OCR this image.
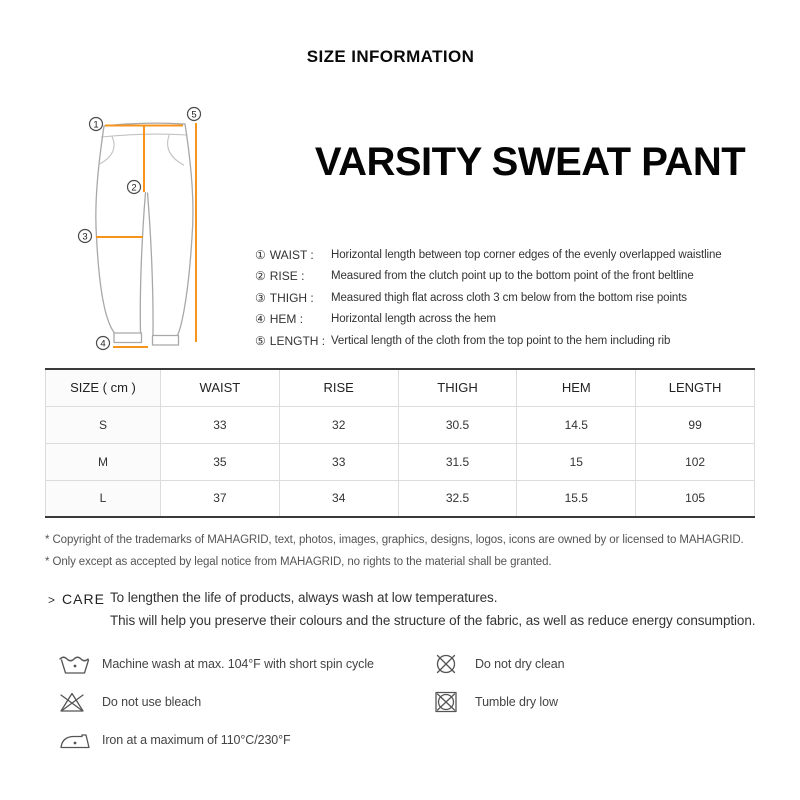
SIZE INFORMATION
1
2
3
4
5
VARSITY SWEAT PANT
① WAIST :	Horizontal length between top corner edges of the evenly overlapped waistline
② RISE :	Measured from the clutch point up to the bottom point of the front beltline
③ THIGH :	Measured thigh flat across cloth 3 cm below from the bottom rise points
④ HEM :	Horizontal length across the hem
⑤ LENGTH : Vertical length of the cloth from the top point to the hem including rib
SIZE ( cm )	WAIST	RISE	THIGH	HEM	LENGTH
S	33	32	30.5	14.5	99
M	35	33	31.5	15	102
L	37	34	32.5	15.5	105
* Copyright of the trademarks of MAHAGRID, text, photos, images, graphics, designs, logos, icons are owned by or licensed to MAHAGRID.
* Only except as accepted by legal notice from MAHAGRID, no rights to the material shall be granted.
> CARE To lengthen the life of products, always wash at low temperatures.
This will help you preserve their colours and the structure of the fabric, as well as reduce energy consumption.
Machine wash at max. 104°F with short spin cycle
Do not use bleach
Iron at a maximum of 110°C/230°F
Do not dry clean
Tumble dry low
